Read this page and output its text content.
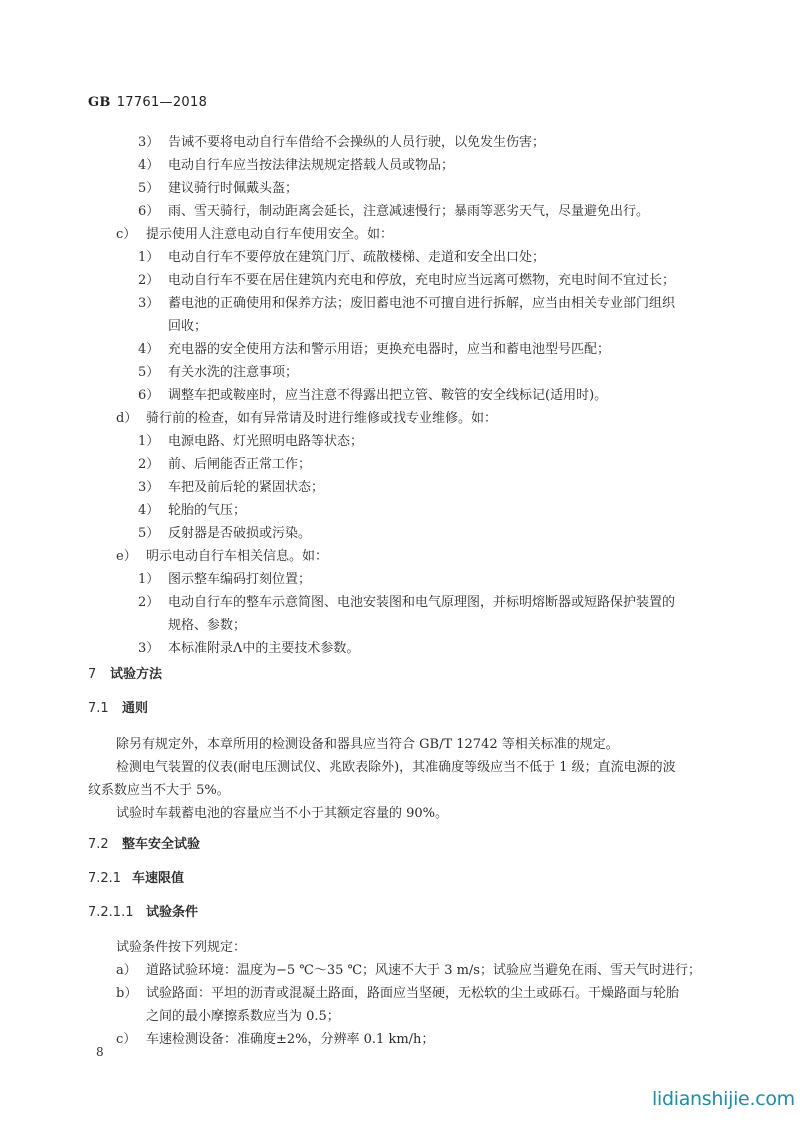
GB 17761—2018
3） 告诫不要将电动自行车借给不会操纵的人员行驶，以免发生伤害；
4） 电动自行车应当按法律法规规定搭载人员或物品；
5） 建议骑行时佩戴头盔；
6） 雨、雪天骑行，制动距离会延长，注意减速慢行；暴雨等恶劣天气，尽量避免出行。
c） 提示使用人注意电动自行车使用安全。如：
1） 电动自行车不要停放在建筑门厅、疏散楼梯、走道和安全出口处；
2） 电动自行车不要在居住建筑内充电和停放，充电时应当远离可燃物，充电时间不宜过长；
3） 蓄电池的正确使用和保养方法；废旧蓄电池不可擅自进行拆解，应当由相关专业部门组织
回收；
4） 充电器的安全使用方法和警示用语；更换充电器时，应当和蓄电池型号匹配；
5） 有关水洗的注意事项；
6） 调整车把或鞍座时，应当注意不得露出把立管、鞍管的安全线标记(适用时)。
d） 骑行前的检查，如有异常请及时进行维修或找专业维修。如：
1） 电源电路、灯光照明电路等状态；
2） 前、后闸能否正常工作；
3） 车把及前后轮的紧固状态；
4） 轮胎的气压；
5） 反射器是否破损或污染。
e） 明示电动自行车相关信息。如：
1） 图示整车编码打刻位置；
2） 电动自行车的整车示意简图、电池安装图和电气原理图，并标明熔断器或短路保护装置的
规格、参数；
3） 本标准附录Λ中的主要技术参数。
7 试验方法
7.1 通则
除另有规定外，本章所用的检测设备和器具应当符合 GB/T 12742 等相关标准的规定。
检测电气装置的仪表(耐电压测试仪、兆欧表除外)，其准确度等级应当不低于 1 级；直流电源的波
纹系数应当不大于 5%。
试验时车载蓄电池的容量应当不小于其额定容量的 90%。
7.2 整车安全试验
7.2.1 车速限值
7.2.1.1 试验条件
试验条件按下列规定：
a） 道路试验环境：温度为−5 ℃～35 ℃；风速不大于 3 m/s；试验应当避免在雨、雪天气时进行；
b） 试验路面：平坦的沥青或混凝土路面，路面应当坚硬，无松软的尘土或砾石。干燥路面与轮胎
之间的最小摩擦系数应当为 0.5；
c） 车速检测设备：准确度±2%，分辨率 0.1 km/h；
8
lidianshijie.com
